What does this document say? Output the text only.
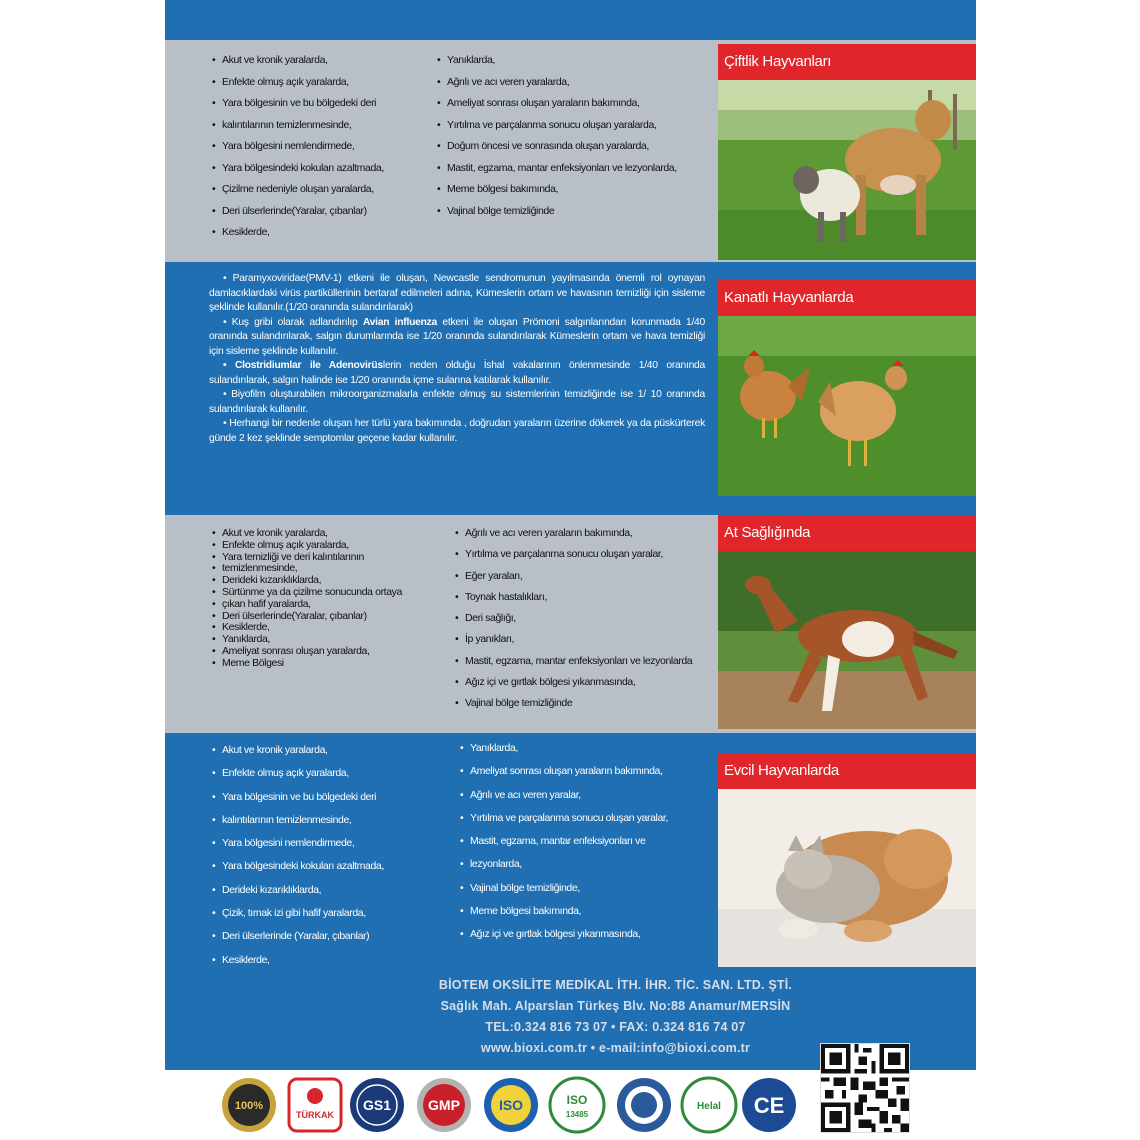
• Akut ve kronik yaralarda,
• Enfekte olmuş açık yaralarda,
• Yara bölgesinin ve bu bölgedeki deri
• kalıntılarının temizlenmesinde,
• Yara bölgesini nemlendirmede,
• Yara bölgesindeki kokuları azaltmada,
• Çizilme nedeniyle oluşan yaralarda,
• Deri ülserlerinde(Yaralar, çıbanlar)
• Kesiklerde,
• Yanıklarda,
• Ağrılı ve acı veren yaralarda,
• Ameliyat sonrası oluşan yaraların bakımında,
• Yırtılma ve parçalanma sonucu oluşan yaralarda,
• Doğum öncesi ve sonrasında oluşan yaralarda,
• Mastit, egzama, mantar enfeksiyonları ve lezyonlarda,
• Meme bölgesi bakımında,
• Vajinal bölge temizliğinde
Çiftlik Hayvanları

• Paramyxoviridae(PMV-1) etkeni ile oluşan, Newcastle sendromunun yayılmasında önemli rol oynayan damlacıklardaki virüs partiküllerinin bertaraf edilmeleri adına, Kümeslerin ortam ve havasının temizliği için sisleme şeklinde kullanılır.(1/20 oranında sulandırılarak)

• Kuş gribi olarak adlandırılıp Avian influenza etkeni ile oluşan Prömoni salgınlarından korunmada 1/40 oranında sulandırılarak, salgın durumlarında ise 1/20 oranında sulandırılarak Kümeslerin ortam ve hava temizliği için sisleme şeklinde kullanılır.

• Clostridiumlar ile Adenovirüslerin neden olduğu İshal vakalarının önlenmesinde 1/40 oranında sulandırılarak, salgın halinde ise 1/20 oranında içme sularına katılarak kullanılır.

• Biyofilm oluşturabilen mikroorganizmalarla enfekte olmuş su sistemlerinin temizliğinde ise 1/ 10 oranında sulandırılarak kullanılır.

• Herhangi bir nedenle oluşan her türlü yara bakımında , doğrudan yaraların üzerine dökerek ya da püskürterek günde 2 kez şeklinde semptomlar geçene kadar kullanılır.

Kanatlı Hayvanlarda
• Akut ve kronik yaralarda,
• Enfekte olmuş açık yaralarda,
• Yara temizliği ve deri kalıntılarının
• temizlenmesinde,
• Derideki kızarıklıklarda,
• Sürtünme ya da çizilme sonucunda ortaya
• çıkan hafif yaralarda,
• Deri ülserlerinde(Yaralar, çıbanlar)
• Kesiklerde,
• Yanıklarda,
• Ameliyat sonrası oluşan yaralarda,
• Meme Bölgesi
• Ağrılı ve acı veren yaraların bakımında,
• Yırtılma ve parçalanma sonucu oluşan yaralar,
• Eğer yaraları,
• Toynak hastalıkları,
• Deri sağlığı,
• İp yanıkları,
• Mastit, egzama, mantar enfeksiyonları ve lezyonlarda
• Ağız içi ve gırtlak bölgesi yıkanmasında,
• Vajinal bölge temizliğinde
At Sağlığında
• Akut ve kronik yaralarda,
• Enfekte olmuş açık yaralarda,
• Yara bölgesinin ve bu bölgedeki deri
• kalıntılarının temizlenmesinde,
• Yara bölgesini nemlendirmede,
• Yara bölgesindeki kokuları azaltmada,
• Derideki kızarıklıklarda,
• Çizik, tırnak izi gibi hafif yaralarda,
• Deri ülserlerinde (Yaralar, çıbanlar)
• Kesiklerde,
• Yanıklarda,
• Ameliyat sonrası oluşan yaraların bakımında,
• Ağrılı ve acı veren yaralar,
• Yırtılma ve parçalanma sonucu oluşan yaralar,
• Mastit, egzama, mantar enfeksiyonları ve
• lezyonlarda,
• Vajinal bölge temizliğinde,
• Meme bölgesi bakımında,
• Ağız içi ve gırtlak bölgesi yıkanmasında,
Evcil Hayvanlarda
BİOTEM OKSİLİTE MEDİKAL İTH. İHR. TİC. SAN. LTD. ŞTİ.
Sağlık Mah. Alparslan Türkeş Blv. No:88 Anamur/MERSİN
TEL:0.324 816 73 07 • FAX: 0.324 816 74 07
www.bioxi.com.tr • e-mail:info@bioxi.com.tr
100%
TÜRKAK
GS1	GMP	ISO	ISO
13485
Helal CE
